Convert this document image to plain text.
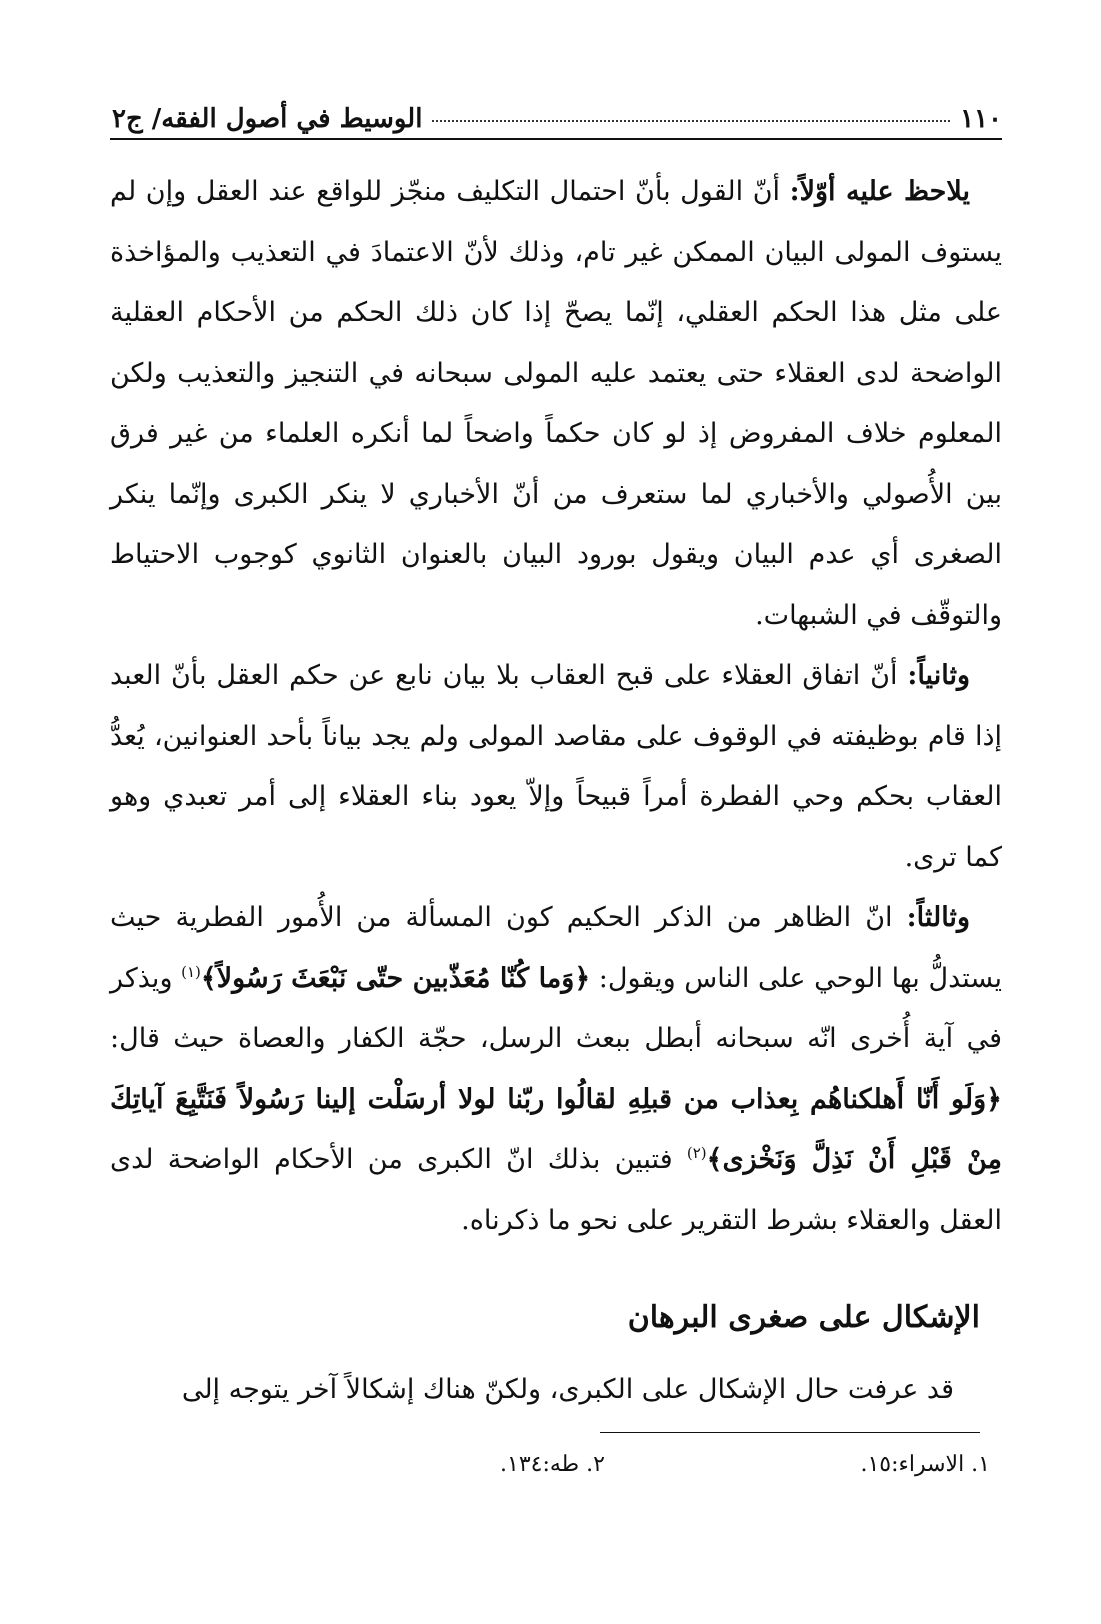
١١٠
الوسيط في أصول الفقه/ ج٢

يلاحظ عليه أوّلاً: أنّ القول بأنّ احتمال التكليف منجّز للواقع عند العقل وإن لم يستوف المولى البيان الممكن غير تام، وذلك لأنّ الاعتمادَ في التعذيب والمؤاخذة على مثل هذا الحكم العقلي، إنّما يصحّ إذا كان ذلك الحكم من الأحكام العقلية الواضحة لدى العقلاء حتى يعتمد عليه المولى سبحانه في التنجيز والتعذيب ولكن المعلوم خلاف المفروض إذ لو كان حكماً واضحاً لما أنكره العلماء من غير فرق بين الأُصولي والأخباري لما ستعرف من أنّ الأخباري لا ينكر الكبرى وإنّما ينكر الصغرى أي عدم البيان ويقول بورود البيان بالعنوان الثانوي كوجوب الاحتياط والتوقّف في الشبهات.

وثانياً: أنّ اتفاق العقلاء على قبح العقاب بلا بيان نابع عن حكم العقل بأنّ العبد إذا قام بوظيفته في الوقوف على مقاصد المولى ولم يجد بياناً بأحد العنوانين، يُعدُّ العقاب بحكم وحي الفطرة أمراً قبيحاً وإلاّ يعود بناء العقلاء إلى أمر تعبدي وهو كما ترى.

وثالثاً: انّ الظاهر من الذكر الحكيم كون المسألة من الأُمور الفطرية حيث يستدلُّ بها الوحي على الناس ويقول: ﴿وَما كُنّا مُعَذّبين حتّى نَبْعَثَ رَسُولاً﴾$^{(١)}$ ويذكر في آية أُخرى انّه سبحانه أبطل ببعث الرسل، حجّة الكفار والعصاة حيث قال: ﴿وَلَو أَنّا أَهلكناهُم بِعذاب من قبلِهِ لقالُوا ربّنا لولا أرسَلْت إلينا رَسُولاً فَنَتَّبِعَ آياتِكَ مِنْ قَبْلِ أَنْ نَذِلَّ وَنَخْزى﴾$^{(٢)}$ فتبين بذلك انّ الكبرى من الأحكام الواضحة لدى العقل والعقلاء بشرط التقرير على نحو ما ذكرناه.

الإشكال على صغرى البرهان

قد عرفت حال الإشكال على الكبرى، ولكنّ هناك إشكالاً آخر يتوجه إلى

١. الاسراء:١٥.
٢. طه:١٣٤.
